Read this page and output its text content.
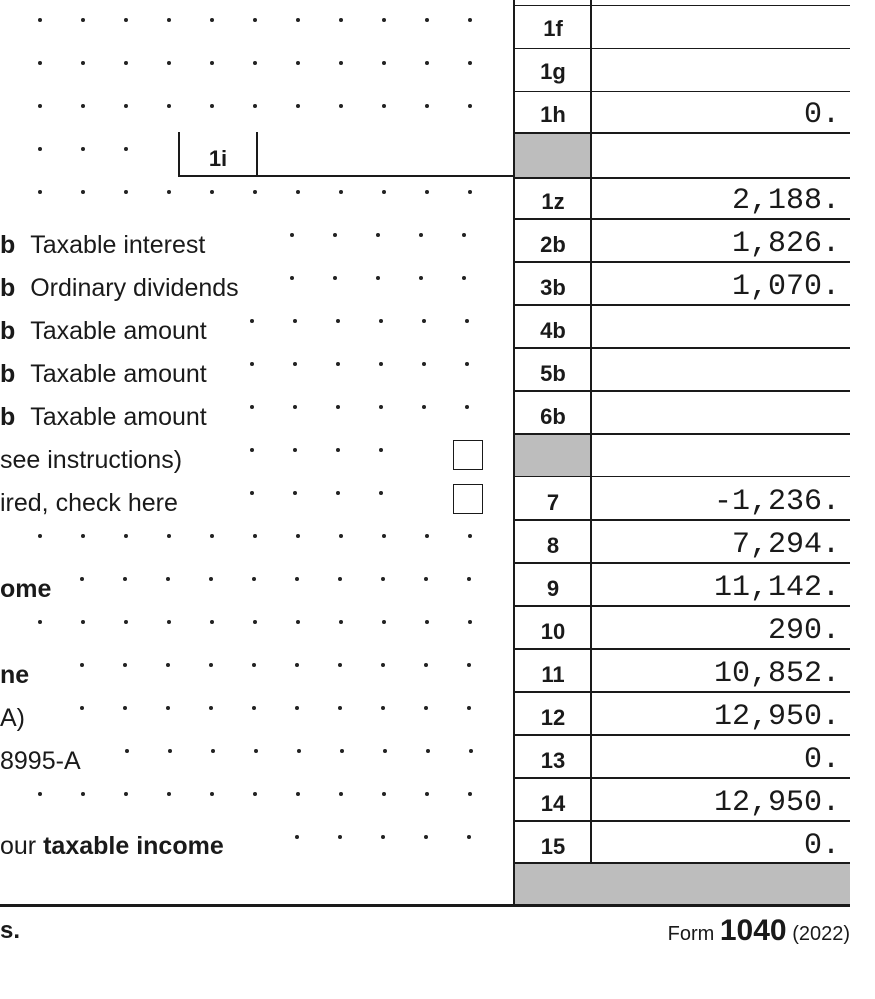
1i
1f
1g
1h
1z
2b
3b
4b
5b
6b
7
8
9
10
11
12
13
14
15
0.
2,188.
1,826.
1,070.
-1,236.
7,294.
11,142.
290.
10,852.
12,950.
0.
12,950.
0.
b Taxable interest
b Ordinary dividends
b Taxable amount
b Taxable amount
b Taxable amount
see instructions)
ired, check here
ome
ne
A)
8995-A
our taxable income
s.	Form 1040 (2022)
